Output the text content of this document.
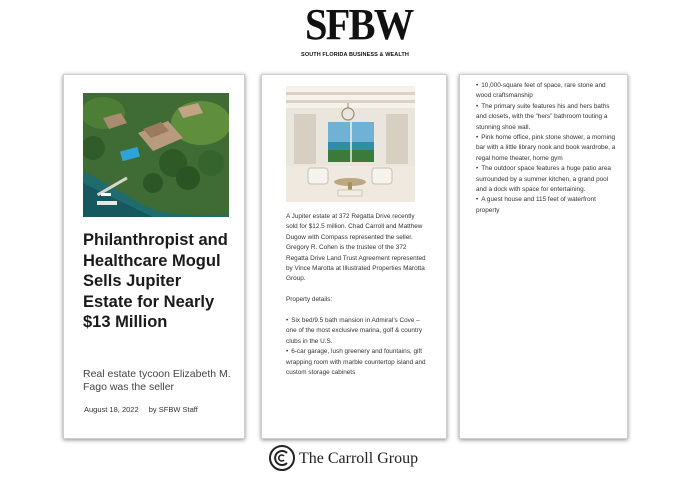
SFBW
SOUTH FLORIDA BUSINESS & WEALTH
Philanthropist and Healthcare Mogul Sells Jupiter Estate for Nearly $13 Million
Real estate tycoon Elizabeth M. Fago was the seller
August 18, 2022 by SFBW Staff

A Jupiter estate at 372 Regatta Drive recently sold for $12.5 million. Chad Carroll and Matthew Dugow with Compass represented the seller. Gregory R. Cohen is the trustee of the 372 Regatta Drive Land Trust Agreement represented by Vince Marotta at Illustrated Properties Marotta Group.

Property details:

• Six bed/9.5 bath mansion in Admiral’s Cove – one of the most exclusive marina, golf & country clubs in the U.S.
• 6-car garage, lush greenery and fountains, gift wrapping room with marble countertop island and custom storage cabinets
• 10,000-square feet of space, rare stone and wood craftsmanship
• The primary suite features his and hers baths and closets, with the “hers” bathroom touting a stunning shoe wall.
• Pink home office, pink stone shower, a morning bar with a little library nook and book wardrobe, a regal home theater, home gym
• The outdoor space features a huge patio area surrounded by a summer kitchen, a grand pool and a dock with space for entertaining.
• A guest house and 115 feet of waterfront property
The Carroll Group
